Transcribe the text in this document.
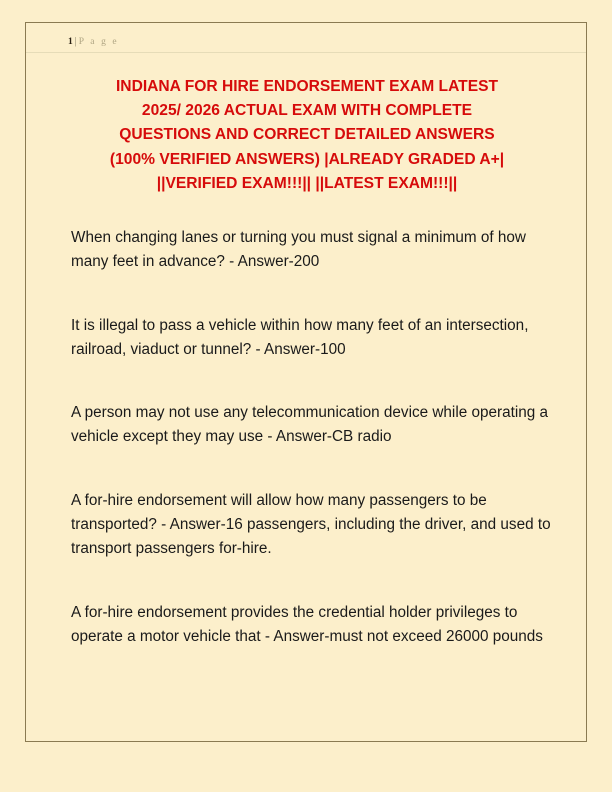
1 | P a g e
INDIANA FOR HIRE ENDORSEMENT EXAM LATEST
2025/ 2026 ACTUAL EXAM WITH COMPLETE
QUESTIONS AND CORRECT DETAILED ANSWERS
(100% VERIFIED ANSWERS) |ALREADY GRADED A+|
||VERIFIED EXAM!!!|| ||LATEST EXAM!!!||

When changing lanes or turning you must signal a minimum of how many feet in advance? - Answer-200

It is illegal to pass a vehicle within how many feet of an intersection, railroad, viaduct or tunnel? - Answer-100

A person may not use any telecommunication device while operating a vehicle except they may use - Answer-CB radio

A for-hire endorsement will allow how many passengers to be transported? - Answer-16 passengers, including the driver, and used to transport passengers for-hire.

A for-hire endorsement provides the credential holder privileges to operate a motor vehicle that - Answer-must not exceed 26000 pounds
